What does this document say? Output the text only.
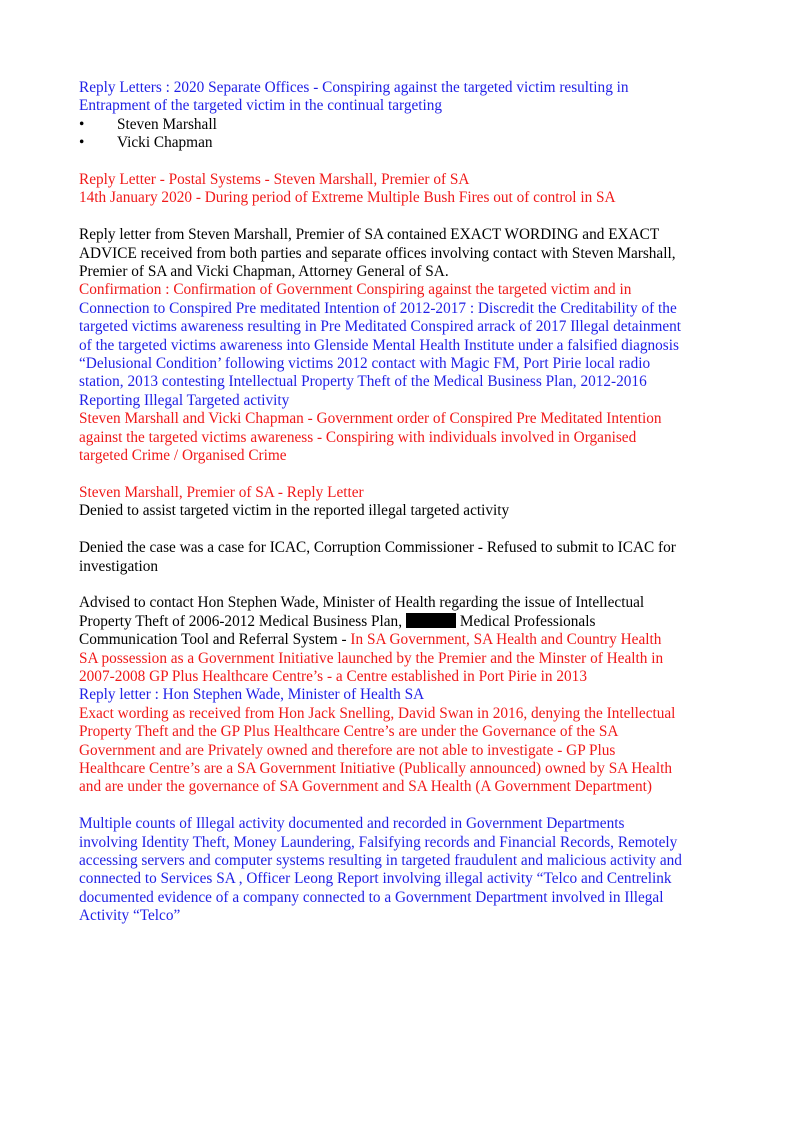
Reply Letters : 2020 Separate Offices - Conspiring against the targeted victim resulting in
Entrapment of the targeted victim in the continual targeting
• Steven Marshall
• Vicki Chapman
Reply Letter - Postal Systems - Steven Marshall, Premier of SA
14th January 2020 - During period of Extreme Multiple Bush Fires out of control in SA
Reply letter from Steven Marshall, Premier of SA contained EXACT WORDING and EXACT
ADVICE received from both parties and separate offices involving contact with Steven Marshall,
Premier of SA and Vicki Chapman, Attorney General of SA.
Confirmation : Confirmation of Government Conspiring against the targeted victim and in
Connection to Conspired Pre meditated Intention of 2012-2017 : Discredit the Creditability of the
targeted victims awareness resulting in Pre Meditated Conspired arrack of 2017 Illegal detainment
of the targeted victims awareness into Glenside Mental Health Institute under a falsified diagnosis
“Delusional Condition’ following victims 2012 contact with Magic FM, Port Pirie local radio
station, 2013 contesting Intellectual Property Theft of the Medical Business Plan, 2012-2016
Reporting Illegal Targeted activity
Steven Marshall and Vicki Chapman - Government order of Conspired Pre Meditated Intention
against the targeted victims awareness - Conspiring with individuals involved in Organised
targeted Crime / Organised Crime
Steven Marshall, Premier of SA - Reply Letter
Denied to assist targeted victim in the reported illegal targeted activity
Denied the case was a case for ICAC, Corruption Commissioner - Refused to submit to ICAC for
investigation
Advised to contact Hon Stephen Wade, Minister of Health regarding the issue of Intellectual
Property Theft of 2006-2012 Medical Business Plan,	Medical Professionals
Communication Tool and Referral System - In SA Government, SA Health and Country Health
SA possession as a Government Initiative launched by the Premier and the Minster of Health in
2007-2008 GP Plus Healthcare Centre’s - a Centre established in Port Pirie in 2013
Reply letter : Hon Stephen Wade, Minister of Health SA
Exact wording as received from Hon Jack Snelling, David Swan in 2016, denying the Intellectual
Property Theft and the GP Plus Healthcare Centre’s are under the Governance of the SA
Government and are Privately owned and therefore are not able to investigate - GP Plus
Healthcare Centre’s are a SA Government Initiative (Publically announced) owned by SA Health
and are under the governance of SA Government and SA Health (A Government Department)
Multiple counts of Illegal activity documented and recorded in Government Departments
involving Identity Theft, Money Laundering, Falsifying records and Financial Records, Remotely
accessing servers and computer systems resulting in targeted fraudulent and malicious activity and
connected to Services SA , Officer Leong Report involving illegal activity “Telco and Centrelink
documented evidence of a company connected to a Government Department involved in Illegal
Activity “Telco”
